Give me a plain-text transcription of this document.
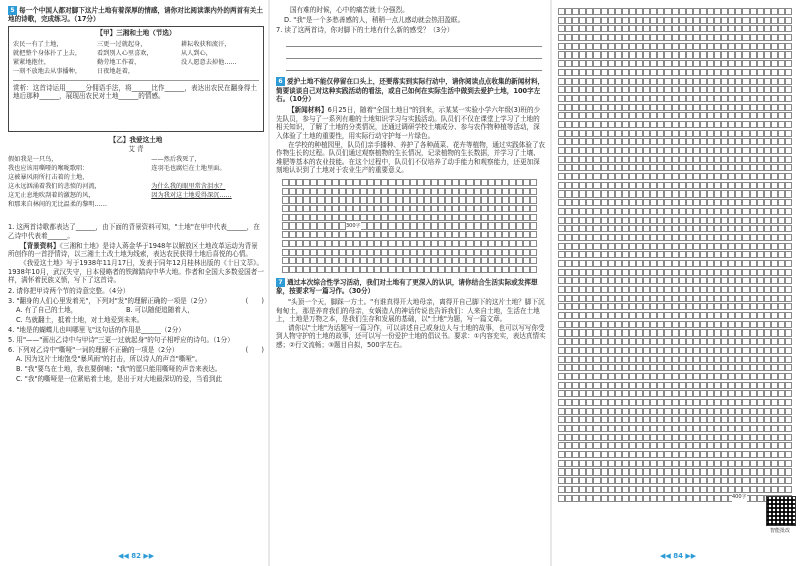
5 每一个中国人都对脚下这片土地有着深厚的情感，请你对比阅读课内外的两首有关土地的诗歌，完成练习。（17分）

【甲】三湘和土地（节选）

农民一有了土地，
就把整个身体扑了上去，
紧紧地抱住，
一刻不放地去从事播种，
三更一过就起身，
看到别人心里喜欢，
勤劳地工作着，
日夜地赶着，
耕耘收获和流汗，
从人到心，
没人愿意去掉他……

赏析：这首诗运用______分佣语手法，将______比作______，表达出农民在翻身得土地后那种______，展现出农民对土地______的情感。

【乙】我爱这土地

艾 青

假如我是一只鸟，
我也应该用嘶哑的喉咙歌唱：
这被暴风雨所打击着的土地，
这永远汹涌着我们的悲愤的河流，
这无止息地吹刮着的激怒的风，
和那来自林间的无比温柔的黎明……
——然后我死了，
连羽毛也腐烂在土地里面。
为什么我的眼里常含泪水？
因为我对这土地爱得深沉……

1. 这两首诗歌都表达了______，由下面的背景资料可知，"土地"在甲中代表______，在乙诗中代表着______。

【背景资料】《三湘和土地》是诗人蒋金华于1948年以解放区土地改革运动为背景所创作的一首抒情诗，以三湘土土改土地为线索，表达农民获得土地后喜悦的心情。

《我爱这土地》写于1938年11月17日，发表于同年12月桂林出版的《十日文萃》。1938年10月，武汉失守，日本侵略者的铁蹄踏向中华大地。作者和全国大多数爱国者一样，满怀着民族义愤，写下了这首诗。

2. 请你把甲诗两个节的诗意完整。（4分）

3. "翻身的人们心里发着光"，下列对"发"的理解正确的一项是（2分）	(　　)

A. 有了自己的土地，	B. 可以随便追随着人，

C. 鸟就翻土，抵着土地，对土地爱到未来。

4. "地是的蝴蝶儿也叫哪里飞"这句话的作用是______（2分）

5. 用"——"画出乙诗中与甲诗"三更一过就起身"的句子相呼应的诗句。（1分）

6. 下列对乙诗中"嘶哑"一词的理解不正确的一项是（2分）	(　　)

A. 因为这片土地饱受"暴风雨"的打击，所以诗人的声音"嘶哑"。

B. "我"要鸟在土地，我也要倒哺；"我"的愿只能用嘶哑的声音来表达。

C. "我"的嘶哑是一位紧贴着土地，是出于对大地最深切的爱，当看到此

◀◀ 82 ▶▶

国有难的时候，心中的痛苦就十分强烈。

D. "我"是一个多愁善感的人，稍稍一点儿感动就会热泪盈眶。

7. 读了这两首诗，你对脚下的土地有什么新的感受？（3分）

6 爱护土地不能仅停留在口头上，还要落实到实际行动中，请你阅读点点收集的新闻材料，简要谈谈自己对这种实践活动的看法，或自己如何在实际生活中做到去爱护土地，100字左右。（10分）

【新闻材料】6月25日，随着"全国土地日"的到来，示某某一实验小学六年级(3)班的少先队员，参与了一系列有趣的土地知识学习与实践活动。队员们不仅在课堂上学习了土地的相关知识，了解了土地的分类情况，还通过调研学校土壤成分、参与农作物种植等活动，深入体验了土地的重要性，用实际行动守护每一片绿色。

在学校的种植园里，队员们亲手播种、养护了各种蔬菜、花卉等植物，通过实践体验了农作物生长的过程。队员们通过观察植物的生长情况，记录植物的生长数据，并学习了土壤、堆肥等基本的农业技能。在这个过程中，队员们不仅培养了动手能力和观察能力，还更加深刻地认识到了土地对于农业生产的重要意义。

300字

7 通过本次综合性学习活动，我们对土地有了更深入的认识，请你结合生活实际或发挥想象，按要求写一篇习作。（30分）

"头顶一个天，脚踩一方土。"有谁真得开大地母亲，离得开自己脚下的这片土地？脚下沉甸甸土，那是养育我们的母亲，女娲造人的神话传说也告诉我们：人来自土地，生活在土地上，土地是万物之本，是我们生存和发展的基础，以"土地"为题，写一篇文章。

请你以"土地"为话题写一篇习作，可以讲述自己或身边人与土地的故事，也可以写写你受到人物守护的土地的故事，还可以写一份爱护土地的倡议书。要求：①内容充实，表达真情实感；②行文流畅；③题目自拟，500字左右。

400字
智能批改
◀◀ 84 ▶▶
